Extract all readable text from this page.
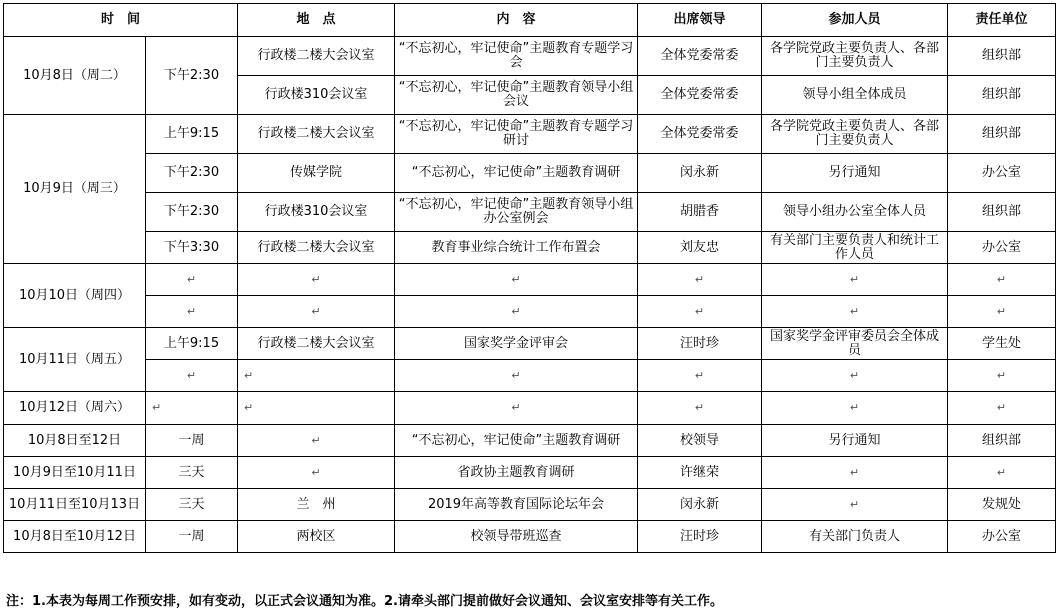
时　间		地　点	内　容	出席领导	参加人员	责任单位
10月8日（周二）	下午2:30	行政楼二楼大会议室	“不忘初心，牢记使命”主题教育专题学习会	全体党委常委	各学院党政主要负责人、各部门主要负责人	组织部
		行政楼310会议室	“不忘初心，牢记使命”主题教育领导小组会议	全体党委常委	领导小组全体成员	组织部
10月9日（周三）	上午9:15	行政楼二楼大会议室	“不忘初心，牢记使命”主题教育专题学习研讨	全体党委常委	各学院党政主要负责人、各部门主要负责人	组织部
	下午2:30	传媒学院	“不忘初心，牢记使命”主题教育调研	闵永新	另行通知	办公室
	下午2:30	行政楼310会议室	“不忘初心，牢记使命”主题教育领导小组办公室例会	胡腊香	领导小组办公室全体人员	组织部
	下午3:30	行政楼二楼大会议室	教育事业综合统计工作布置会	刘友忠	有关部门主要负责人和统计工作人员	办公室
10月10日（周四）	↵	↵	↵	↵	↵	↵
	↵	↵	↵	↵	↵	↵
10月11日（周五）	上午9:15	行政楼二楼大会议室	国家奖学金评审会	汪时珍	国家奖学金评审委员会全体成员	学生处
	↵	↵	↵	↵	↵	↵
10月12日（周六）	↵	↵	↵	↵	↵	↵
10月8日至12日	一周	↵	“不忘初心，牢记使命”主题教育调研	校领导	另行通知	组织部
10月9日至10月11日	三天	↵	省政协主题教育调研	许继荣	↵	↵
10月11日至10月13日	三天	兰　州	2019年高等教育国际论坛年会	闵永新	↵	发规处
10月8日至10月12日	一周	两校区	校领导带班巡查	汪时珍	有关部门负责人	办公室
注：1.本表为每周工作预安排，如有变动，以正式会议通知为准。2.请牵头部门提前做好会议通知、会议室安排等有关工作。
